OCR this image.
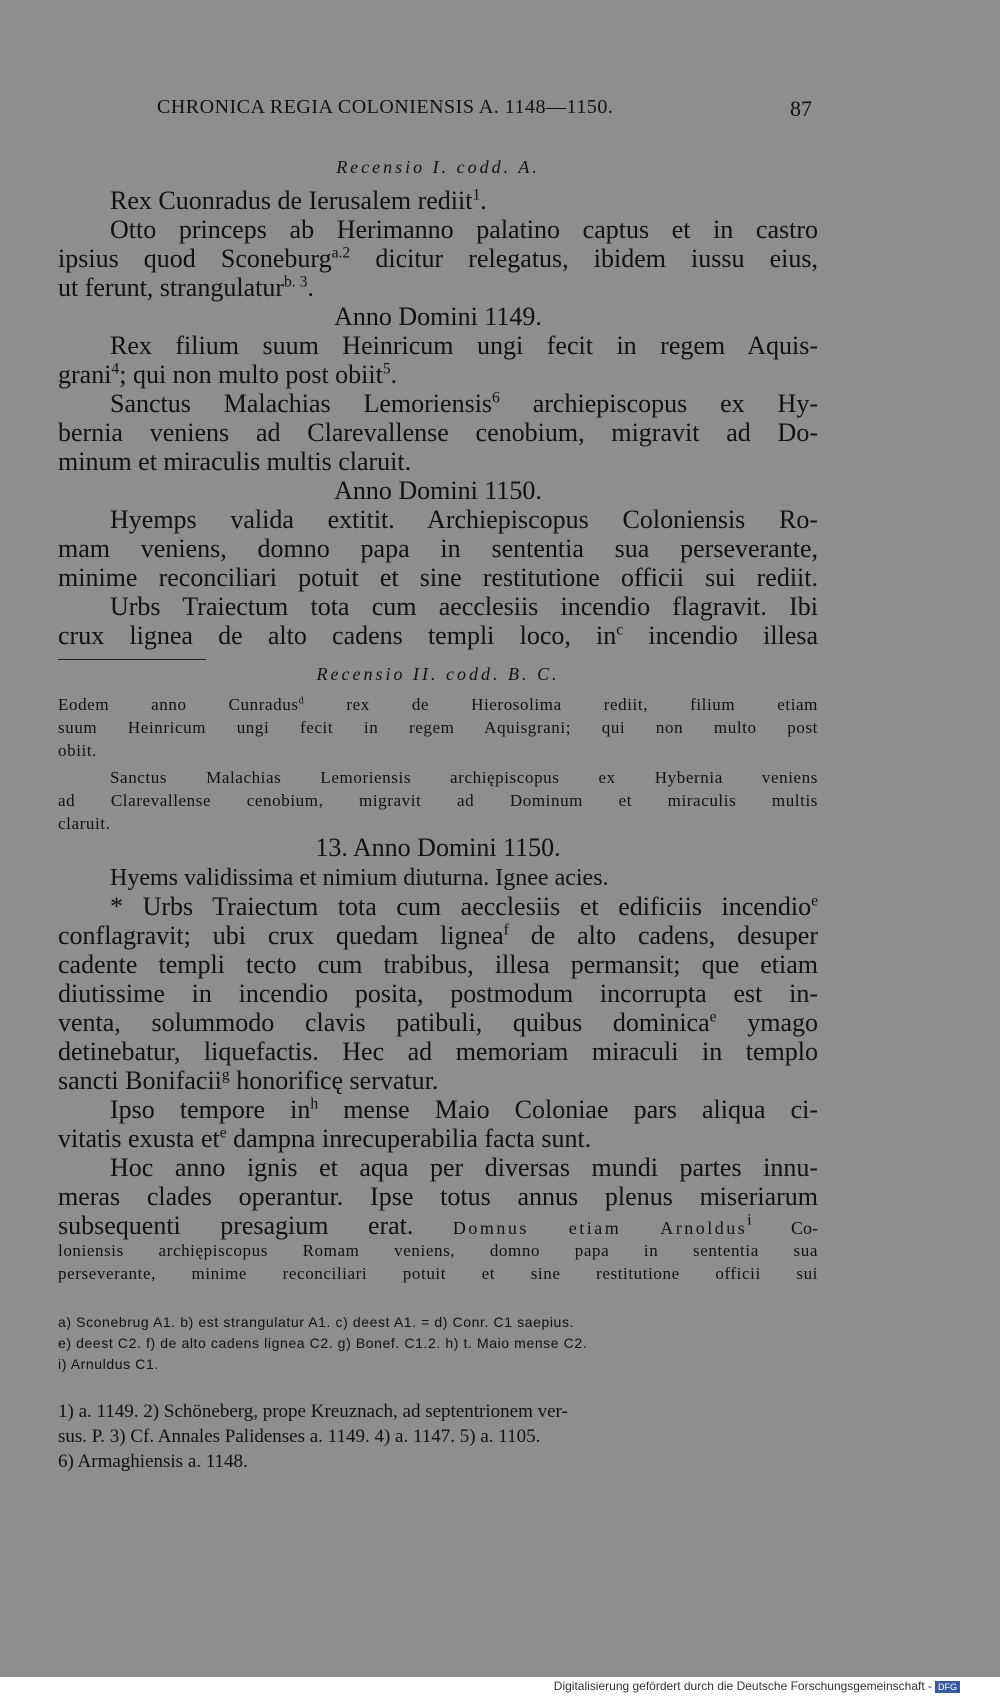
CHRONICA REGIA COLONIENSIS A. 1148—1150.	87
Recensio I. codd. A.
Rex Cuonradus de Ierusalem rediit$^1$.
Otto princeps ab Herimanno palatino captus et in castro
ipsius quod Sconeburg$^{a.2}$ dicitur relegatus, ibidem iussu eius,
ut ferunt, strangulatur$^{b. 3}$.
Anno Domini 1149.
Rex filium suum Heinricum ungi fecit in regem Aquis-
grani$^4$; qui non multo post obiit$^5$.
Sanctus Malachias Lemoriensis$^6$ archiepiscopus ex Hy-
bernia veniens ad Clarevallense cenobium, migravit ad Do-
minum et miraculis multis claruit.
Anno Domini 1150.
Hyemps valida extitit. Archiepiscopus Coloniensis Ro-
mam veniens, domno papa in sententia sua perseverante,
minime reconciliari potuit et sine restitutione officii sui rediit.
Urbs Traiectum tota cum aecclesiis incendio flagravit. Ibi
crux lignea de alto cadens templi loco, $in^c$ incendio illesa
Recensio II. codd. B. C.
Eodem anno Cunradus$^d$ rex de Hierosolima rediit, filium etiam
suum Heinricum ungi fecit in regem Aquisgrani; qui non multo post
obiit.
Sanctus Malachias Lemoriensis archiępiscopus ex Hybernia veniens
ad Clarevallense cenobium, migravit ad Dominum et miraculis multis
claruit.
13. Anno Domini 1150.
Hyems validissima et nimium diuturna. Ignee acies.
* Urbs Traiectum tota cum aecclesiis et edificiis incendio$^e$
conflagravit; ubi crux quedam lignea$^f$ de alto cadens, desuper
cadente templi tecto cum trabibus, illesa permansit; que etiam
diutissime in incendio posita, postmodum incorrupta est in-
venta, solummodo clavis patibuli, quibus dominica$^e$ ymago
detinebatur, liquefactis. Hec ad memoriam miraculi in templo
sancti Bonifacii$^g$ honorificę servatur.
Ipso tempore $in^h$ mense Maio Coloniae pars aliqua ci-
vitatis exusta $et^e$ dampna inrecuperabilia facta sunt.
Hoc anno ignis et aqua per diversas mundi partes innu-
meras clades operantur. Ipse totus annus plenus miseriarum
subsequenti presagium erat. Domnus etiam Arnoldus$^i$ Co-
loniensis archiępiscopus Romam veniens, domno papa in sententia sua
perseverante, minime reconciliari potuit et sine restitutione officii sui
a) Sconebrug A1. b) est strangulatur A1. c) deest A1. = d) Conr. C1 saepius.
e) deest C2. f) de alto cadens lignea C2. g) Bonef. C1.2. h) t. Maio mense C2.
i) Arnuldus C1.
1) a. 1149. 2) Schöneberg, prope Kreuznach, ad septentrionem ver-
sus. P. 3) Cf. Annales Palidenses a. 1149. 4) a. 1147. 5) a. 1105.
6) Armaghiensis a. 1148.
Digitalisierung gefördert durch die Deutsche Forschungsgemeinschaft - DFG
